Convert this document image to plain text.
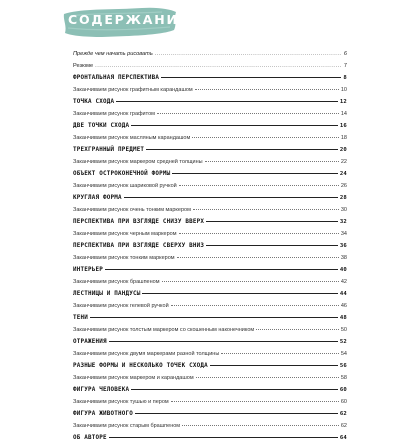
СОДЕРЖАНИЕ
Прежде чем начать рисовать .....	6
Резюме .....	7
ФРОНТАЛЬНАЯ ПЕРСПЕКТИВА	8
Заканчиваем рисунок графитным карандашом	10
ТОЧКА СХОДА	12
Заканчиваем рисунок графитом	14
ДВЕ ТОЧКИ СХОДА	16
Заканчиваем рисунок масляным карандашом	18
ТРЕХГРАННЫЙ ПРЕДМЕТ	20
Заканчиваем рисунок маркером средней толщины	22
ОБЪЕКТ ОСТРОКОНЕЧНОЙ ФОРМЫ	24
Заканчиваем рисунок шариковой ручкой	26
КРУГЛАЯ ФОРМА	28
Заканчиваем рисунок очень тонким маркером	30
ПЕРСПЕКТИВА ПРИ ВЗГЛЯДЕ СНИЗУ ВВЕРХ	32
Заканчиваем рисунок черным маркером	34
ПЕРСПЕКТИВА ПРИ ВЗГЛЯДЕ СВЕРХУ ВНИЗ	36
Заканчиваем рисунок тонким маркером	38
ИНТЕРЬЕР	40
Заканчиваем рисунок брашпеном	42
ЛЕСТНИЦЫ И ПАНДУСЫ	44
Заканчиваем рисунок гелевой ручкой	46
ТЕНИ	48
Заканчиваем рисунок толстым маркером со скошенным наконечником	50
ОТРАЖЕНИЯ	52
Заканчиваем рисунок двумя маркерами разной толщины	54
РАЗНЫЕ ФОРМЫ И НЕСКОЛЬКО ТОЧЕК СХОДА	56
Заканчиваем рисунок маркером и карандашом	58
ФИГУРА ЧЕЛОВЕКА	60
Заканчиваем рисунок тушью и пером	60
ФИГУРА ЖИВОТНОГО	62
Заканчиваем рисунок старым брашпеном	62
ОБ АВТОРЕ	64
